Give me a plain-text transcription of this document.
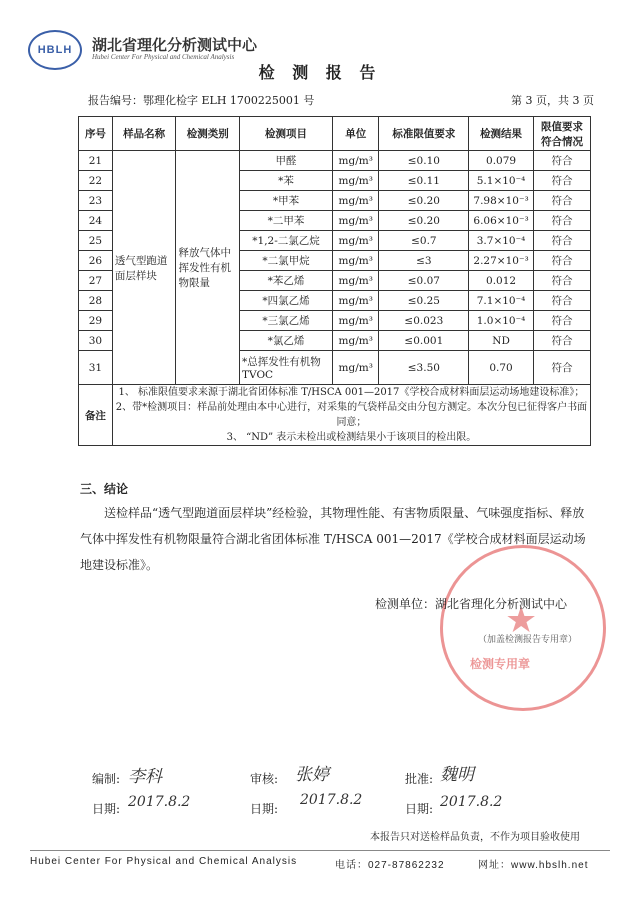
HBLH	湖北省理化分析测试中心
Hubei Center For Physical and Chemical Analysis
检 测 报 告
报告编号：鄂理化检字 ELH 1700225001 号	第 3 页，共 3 页
序号	样品名称	检测类别	检测项目	单位	标准限值要求	检测结果	限值要求符合情况
21	透气型跑道面层样块	释放气体中挥发性有机物限量	甲醛	mg/m³	≤0.10	0.079	符合
22			*苯	mg/m³	≤0.11	5.1×10⁻⁴	符合
23			*甲苯	mg/m³	≤0.20	7.98×10⁻³	符合
24			*二甲苯	mg/m³	≤0.20	6.06×10⁻³	符合
25			*1,2-二氯乙烷	mg/m³	≤0.7	3.7×10⁻⁴	符合
26			*二氯甲烷	mg/m³	≤3	2.27×10⁻³	符合
27			*苯乙烯	mg/m³	≤0.07	0.012	符合
28			*四氯乙烯	mg/m³	≤0.25	7.1×10⁻⁴	符合
29			*三氯乙烯	mg/m³	≤0.023	1.0×10⁻⁴	符合
30			*氯乙烯	mg/m³	≤0.001	ND	符合
31			*总挥发性有机物TVOC	mg/m³	≤3.50	0.70	符合
备注	1、 标准限值要求来源于湖北省团体标准 T/HSCA 001—2017《学校合成材料面层运动场地建设标准》；
2、带*检测项目：样品前处理由本中心进行，对采集的气袋样品交由分包方测定。本次分包已征得客户书面同意；
3、 “ND” 表示未检出或检测结果小于该项目的检出限。						
三、结论
送检样品“透气型跑道面层样块”经检验，其物理性能、有害物质限量、气味强度指标、释放气体中挥发性有机物限量符合湖北省团体标准 T/HSCA 001—2017《学校合成材料面层运动场地建设标准》。
★
检测专用章
检测单位：湖北省理化分析测试中心
（加盖检测报告专用章）
编制: 李科	审核: 张婷	批准: 魏明
日期: 2017.8.2	日期:
2017.8.2
日期: 2017.8.2
本报告只对送检样品负责，不作为项目验收使用
Hubei Center For Physical and Chemical Analysis	电话：027-87862232	网址：www.hbslh.net
